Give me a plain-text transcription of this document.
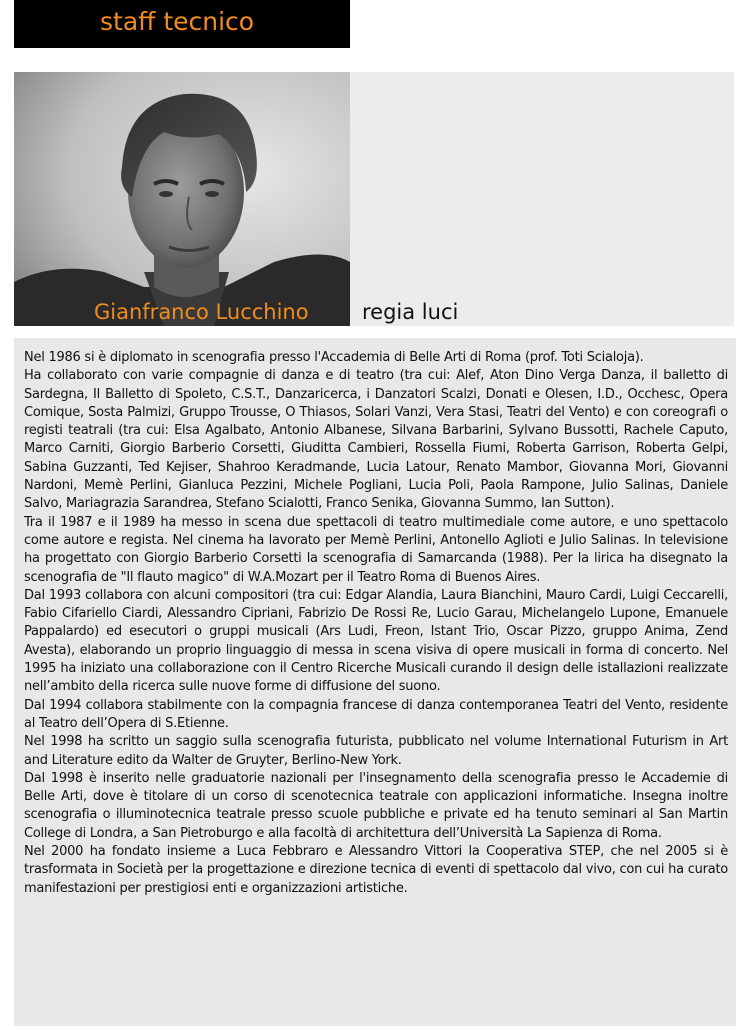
staff tecnico
Gianfranco Lucchino	regia luci

Nel 1986 si è diplomato in scenografia presso l'Accademia di Belle Arti di Roma (prof. Toti Scialoja).

Ha collaborato con varie compagnie di danza e di teatro (tra cui: Alef, Aton Dino Verga Danza, il balletto di Sardegna, Il Balletto di Spoleto, C.S.T., Danzaricerca, i Danzatori Scalzi, Donati e Olesen, I.D., Occhesc, Opera Comique, Sosta Palmizi, Gruppo Trousse, O Thiasos, Solari Vanzi, Vera Stasi, Teatri del Vento) e con coreografi o registi teatrali (tra cui: Elsa Agalbato, Antonio Albanese, Silvana Barbarini, Sylvano Bussotti, Rachele Caputo, Marco Carniti, Giorgio Barberio Corsetti, Giuditta Cambieri, Rossella Fiumi, Roberta Garrison, Roberta Gelpi, Sabina Guzzanti, Ted Kejiser, Shahroo Keradmande, Lucia Latour, Renato Mambor, Giovanna Mori, Giovanni Nardoni, Memè Perlini, Gianluca Pezzini, Michele Pogliani, Lucia Poli, Paola Rampone, Julio Salinas, Daniele Salvo, Mariagrazia Sarandrea, Stefano Scialotti, Franco Senika, Giovanna Summo, Ian Sutton).

Tra il 1987 e il 1989 ha messo in scena due spettacoli di teatro multimediale come autore, e uno spettacolo come autore e regista. Nel cinema ha lavorato per Memè Perlini, Antonello Aglioti e Julio Salinas. In televisione ha progettato con Giorgio Barberio Corsetti la scenografia di Samarcanda (1988). Per la lirica ha disegnato la scenografia de "Il flauto magico" di W.A.Mozart per il Teatro Roma di Buenos Aires.

Dal 1993 collabora con alcuni compositori (tra cui: Edgar Alandia, Laura Bianchini, Mauro Cardi, Luigi Ceccarelli, Fabio Cifariello Ciardi, Alessandro Cipriani, Fabrizio De Rossi Re, Lucio Garau, Michelangelo Lupone, Emanuele Pappalardo) ed esecutori o gruppi musicali (Ars Ludi, Freon, Istant Trio, Oscar Pizzo, gruppo Anima, Zend Avesta), elaborando un proprio linguaggio di messa in scena visiva di opere musicali in forma di concerto. Nel 1995 ha iniziato una collaborazione con il Centro Ricerche Musicali curando il design delle istallazioni realizzate nell’ambito della ricerca sulle nuove forme di diffusione del suono.

Dal 1994 collabora stabilmente con la compagnia francese di danza contemporanea Teatri del Vento, residente al Teatro dell’Opera di S.Etienne.

Nel 1998 ha scritto un saggio sulla scenografia futurista, pubblicato nel volume International Futurism in Art and Literature edito da Walter de Gruyter, Berlino-New York.

Dal 1998 è inserito nelle graduatorie nazionali per l'insegnamento della scenografia presso le Accademie di Belle Arti, dove è titolare di un corso di scenotecnica teatrale con applicazioni informatiche. Insegna inoltre scenografia o illuminotecnica teatrale presso scuole pubbliche e private ed ha tenuto seminari al San Martin College di Londra, a San Pietroburgo e alla facoltà di architettura dell’Università La Sapienza di Roma.

Nel 2000 ha fondato insieme a Luca Febbraro e Alessandro Vittori la Cooperativa STEP, che nel 2005 si è trasformata in Società per la progettazione e direzione tecnica di eventi di spettacolo dal vivo, con cui ha curato manifestazioni per prestigiosi enti e organizzazioni artistiche.
